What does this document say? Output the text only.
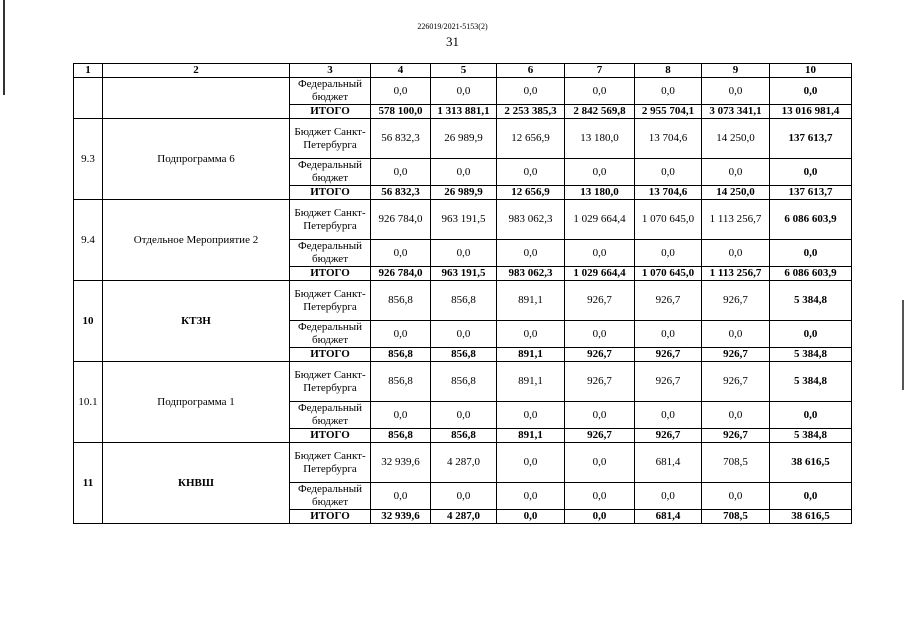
226019/2021-5153(2)
31
1	2	3	4	5	6	7	8	9	10
		Федеральный бюджет	0,0	0,0	0,0	0,0	0,0	0,0	0,0
		ИТОГО	578 100,0	1 313 881,1	2 253 385,3	2 842 569,8	2 955 704,1	3 073 341,1	13 016 981,4
9.3	Подпрограмма 6	Бюджет Санкт-Петербурга	56 832,3	26 989,9	12 656,9	13 180,0	13 704,6	14 250,0	137 613,7
		Федеральный бюджет	0,0	0,0	0,0	0,0	0,0	0,0	0,0
		ИТОГО	56 832,3	26 989,9	12 656,9	13 180,0	13 704,6	14 250,0	137 613,7
9.4	Отдельное Мероприятие 2	Бюджет Санкт-Петербурга	926 784,0	963 191,5	983 062,3	1 029 664,4	1 070 645,0	1 113 256,7	6 086 603,9
		Федеральный бюджет	0,0	0,0	0,0	0,0	0,0	0,0	0,0
		ИТОГО	926 784,0	963 191,5	983 062,3	1 029 664,4	1 070 645,0	1 113 256,7	6 086 603,9
10	КТЗН	Бюджет Санкт-Петербурга	856,8	856,8	891,1	926,7	926,7	926,7	5 384,8
		Федеральный бюджет	0,0	0,0	0,0	0,0	0,0	0,0	0,0
		ИТОГО	856,8	856,8	891,1	926,7	926,7	926,7	5 384,8
10.1	Подпрограмма 1	Бюджет Санкт-Петербурга	856,8	856,8	891,1	926,7	926,7	926,7	5 384,8
		Федеральный бюджет	0,0	0,0	0,0	0,0	0,0	0,0	0,0
		ИТОГО	856,8	856,8	891,1	926,7	926,7	926,7	5 384,8
11	КНВШ	Бюджет Санкт-Петербурга	32 939,6	4 287,0	0,0	0,0	681,4	708,5	38 616,5
		Федеральный бюджет	0,0	0,0	0,0	0,0	0,0	0,0	0,0
		ИТОГО	32 939,6	4 287,0	0,0	0,0	681,4	708,5	38 616,5
